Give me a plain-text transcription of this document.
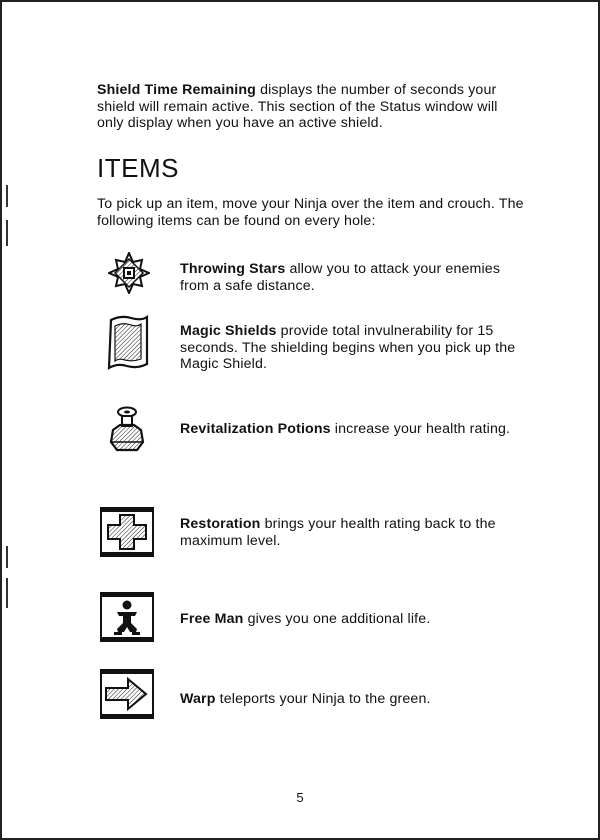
Shield Time Remaining displays the number of seconds your shield will remain active. This section of the Status window will only display when you have an active shield.

ITEMS

To pick up an item, move your Ninja over the item and crouch. The following items can be found on every hole:

Throwing Stars allow you to attack your enemies from a safe distance.

Magic Shields provide total invulnerability for 15 seconds. The shielding begins when you pick up the Magic Shield.

Revitalization Potions increase your health rating.

Restoration brings your health rating back to the maximum level.

Free Man gives you one additional life.

Warp teleports your Ninja to the green.

5
